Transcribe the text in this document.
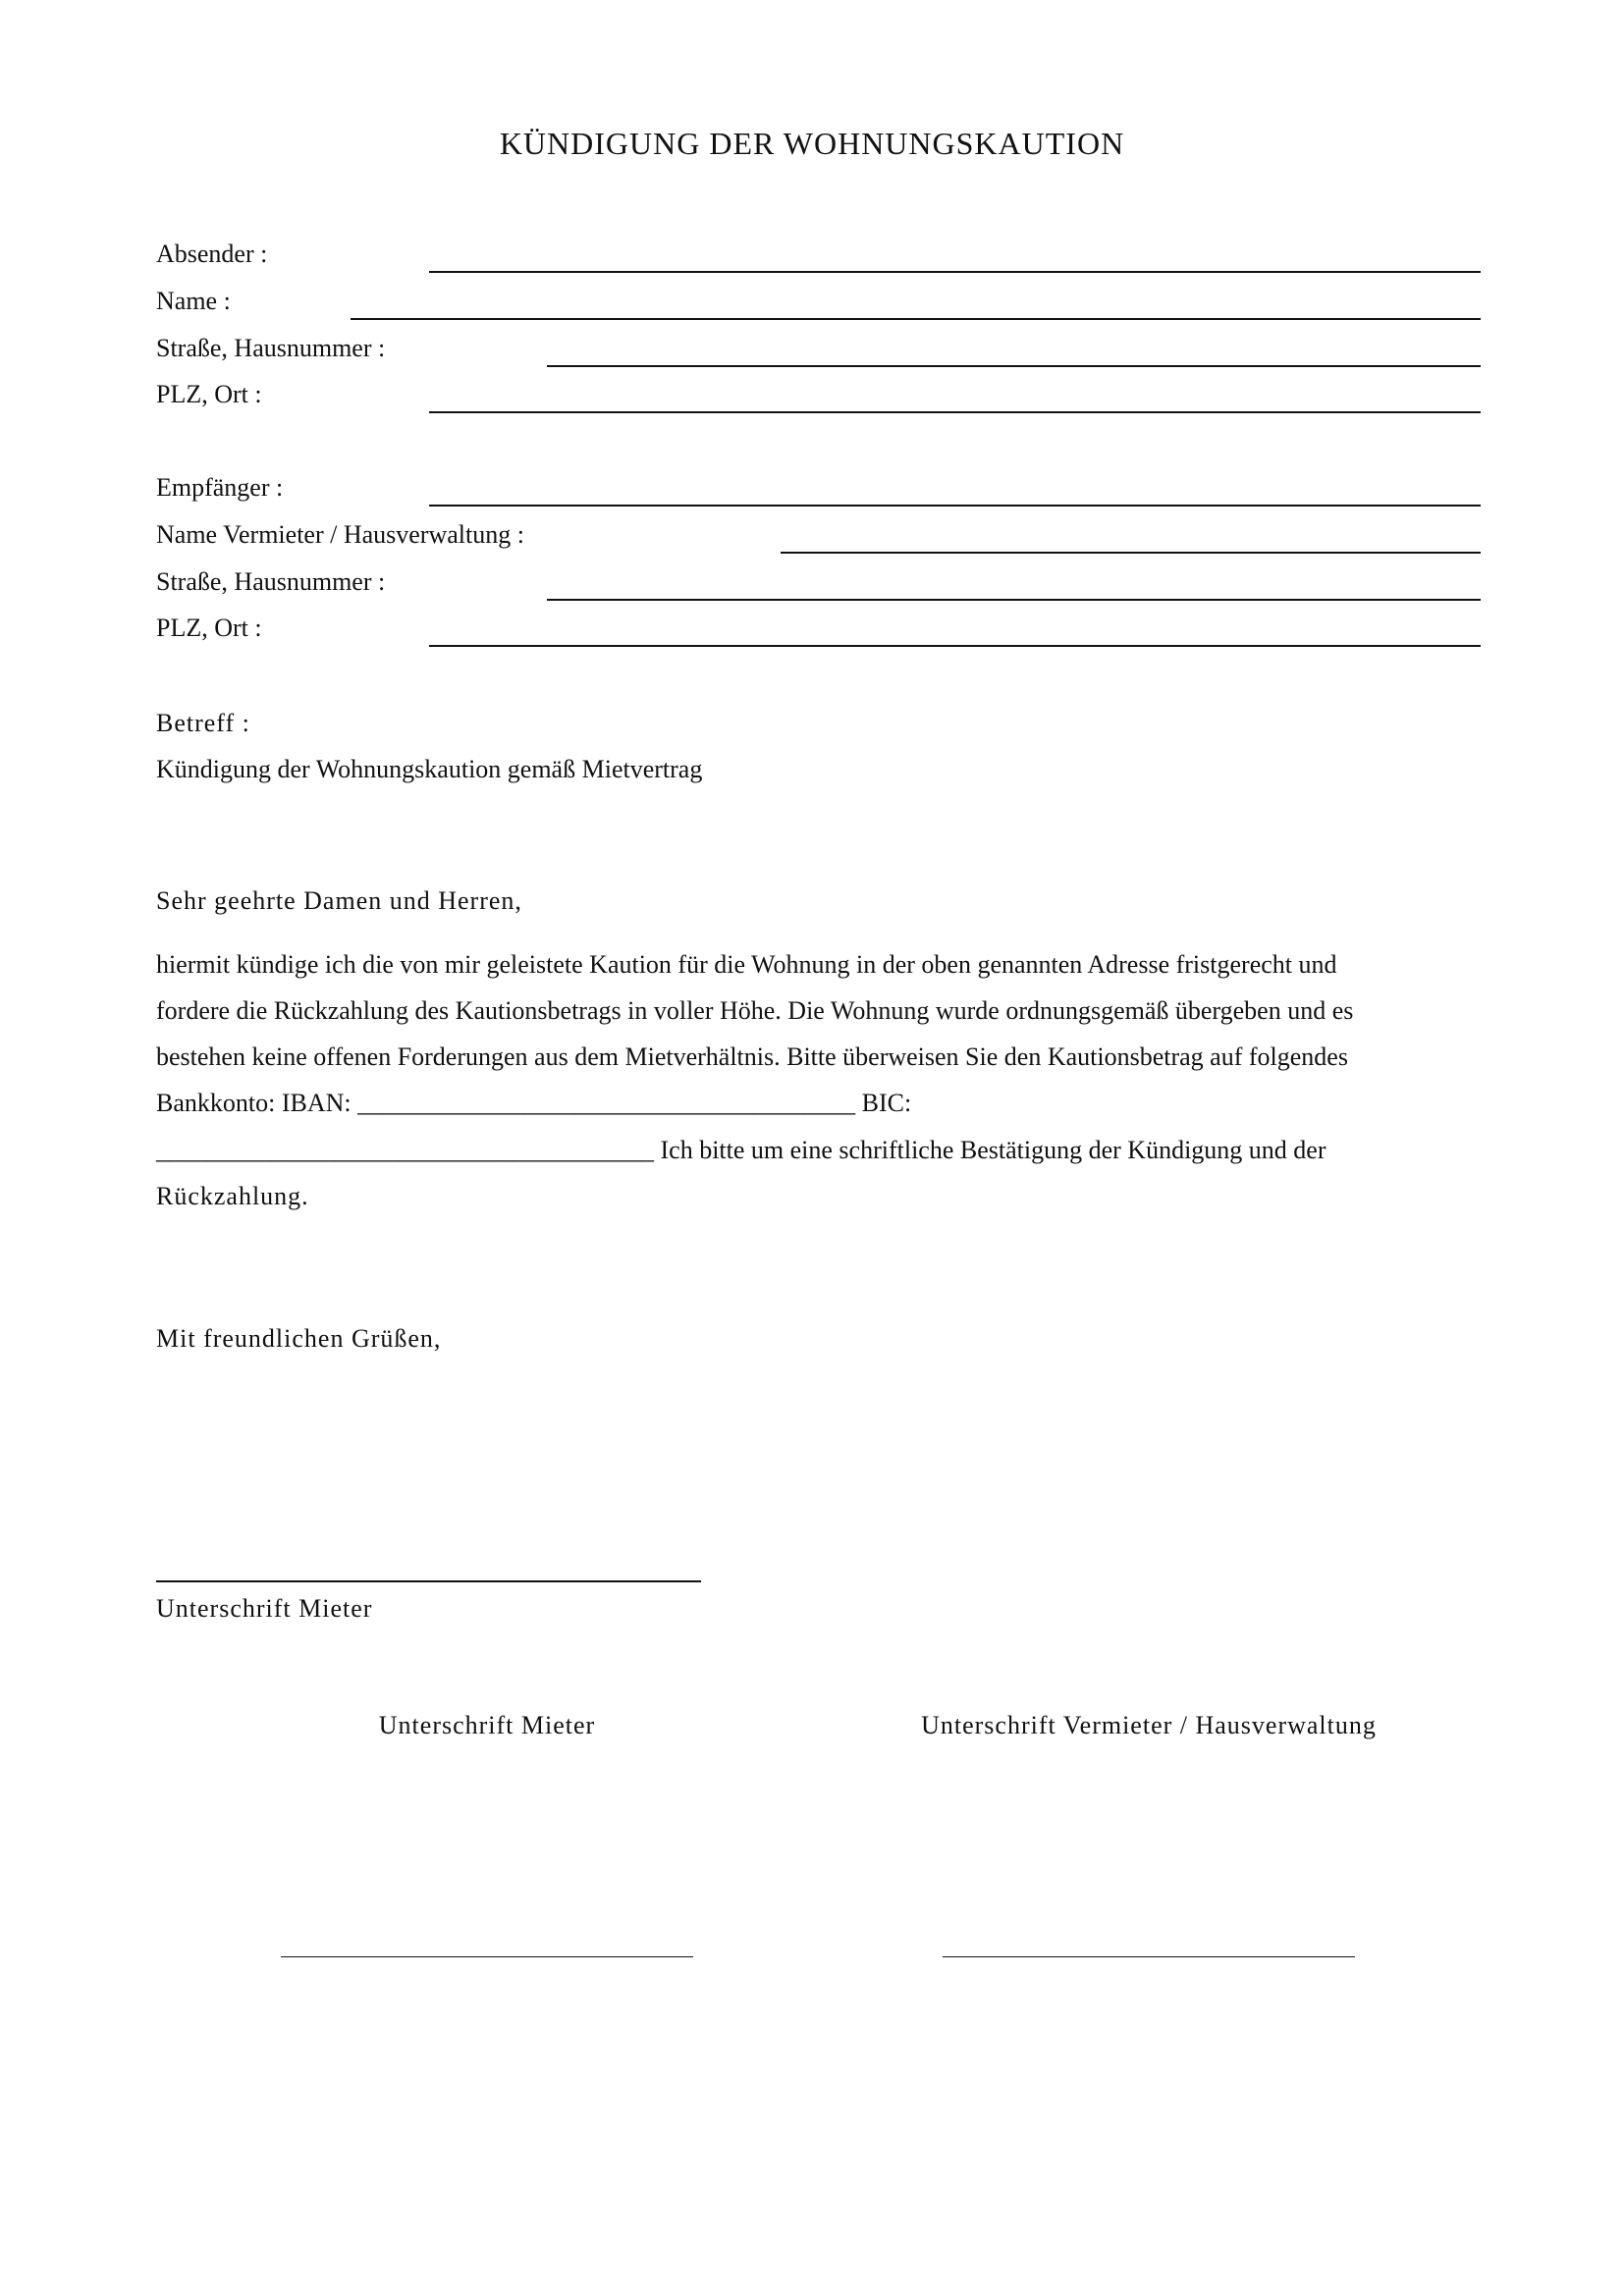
KÜNDIGUNG DER WOHNUNGSKAUTION
Absender :
Name :
Straße, Hausnummer :
PLZ, Ort :
Empfänger :
Name Vermieter / Hausverwaltung :
Straße, Hausnummer :
PLZ, Ort :
Betreff :
Kündigung der Wohnungskaution gemäß Mietvertrag
Sehr geehrte Damen und Herren,
hiermit kündige ich die von mir geleistete Kaution für die Wohnung in der oben genannten Adresse fristgerecht und
fordere die Rückzahlung des Kautionsbetrags in voller Höhe. Die Wohnung wurde ordnungsgemäß übergeben und es
bestehen keine offenen Forderungen aus dem Mietverhältnis. Bitte überweisen Sie den Kautionsbetrag auf folgendes
Bankkonto: IBAN: _______________________________________ BIC:
_______________________________________ Ich bitte um eine schriftliche Bestätigung der Kündigung und der
Rückzahlung.
Mit freundlichen Grüßen,
Unterschrift Mieter
Unterschrift Mieter	Unterschrift Vermieter / Hausverwaltung
